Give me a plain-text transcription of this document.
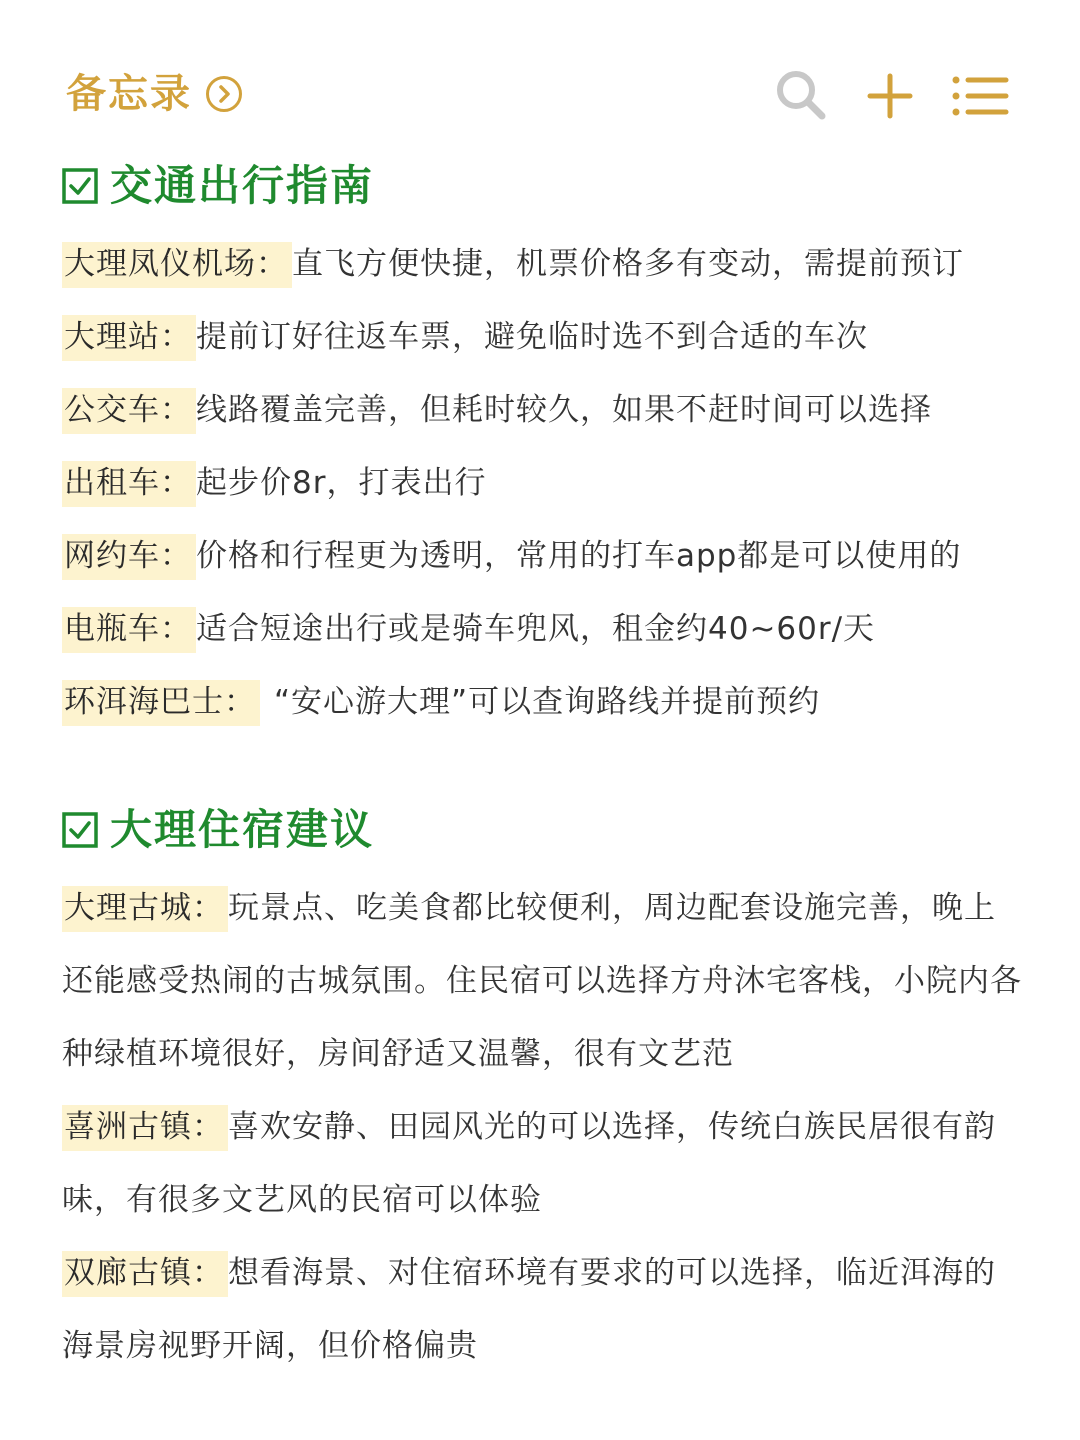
备忘录
交通出行指南
大理凤仪机场： 直飞方便快捷，机票价格多有变动，需提前预订
大理站： 提前订好往返车票，避免临时选不到合适的车次
公交车： 线路覆盖完善，但耗时较久，如果不赶时间可以选择
出租车： 起步价8r，打表出行
网约车： 价格和行程更为透明，常用的打车app都是可以使用的
电瓶车： 适合短途出行或是骑车兜风，租金约40~60r/天
环洱海巴士： “安心游大理”可以查询路线并提前预约
大理住宿建议
大理古城： 玩景点、吃美食都比较便利，周边配套设施完善，晚上还能感受热闹的古城氛围。住民宿可以选择方舟沐宅客栈，小院内各种绿植环境很好，房间舒适又温馨，很有文艺范
喜洲古镇： 喜欢安静、田园风光的可以选择，传统白族民居很有韵味，有很多文艺风的民宿可以体验
双廊古镇： 想看海景、对住宿环境有要求的可以选择，临近洱海的海景房视野开阔，但价格偏贵
